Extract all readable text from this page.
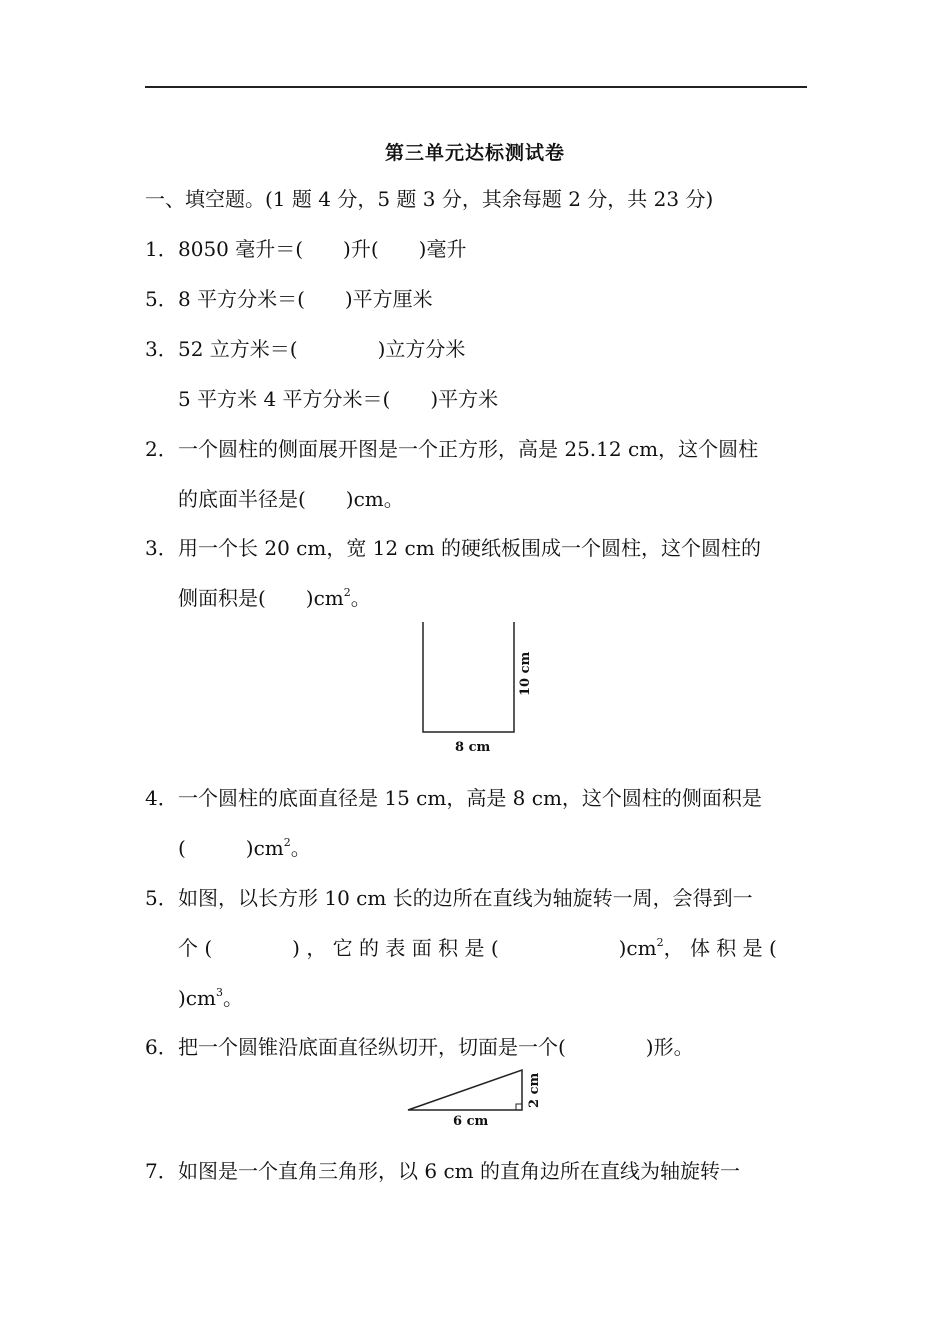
第三单元达标测试卷
一、填空题。(1 题 4 分，5 题 3 分，其余每题 2 分，共 23 分)
1．8050 毫升＝(　　)升(　　)毫升
5．8 平方分米＝(　　)平方厘米
3．52 立方米＝(　　　　)立方分米
5 平方米 4 平方分米＝(　　)平方米
2．一个圆柱的侧面展开图是一个正方形，高是 25.12 cm，这个圆柱
的底面半径是(　　)cm。
3．用一个长 20 cm，宽 12 cm 的硬纸板围成一个圆柱，这个圆柱的
侧面积是(　　)$cm^2$。
8 cm
10 cm
6 cm
2 cm
4．一个圆柱的底面直径是 15 cm，高是 8 cm，这个圆柱的侧面积是
(　　　)$cm^2$。
5．如图，以长方形 10 cm 长的边所在直线为轴旋转一周，会得到一
个 (　　　　) ， 它 的 表 面 积 是 (　　　　　　)$cm^2$， 体 积 是 (
)$cm^3$。
6．把一个圆锥沿底面直径纵切开，切面是一个(　　　　)形。
7．如图是一个直角三角形，以 6 cm 的直角边所在直线为轴旋转一
